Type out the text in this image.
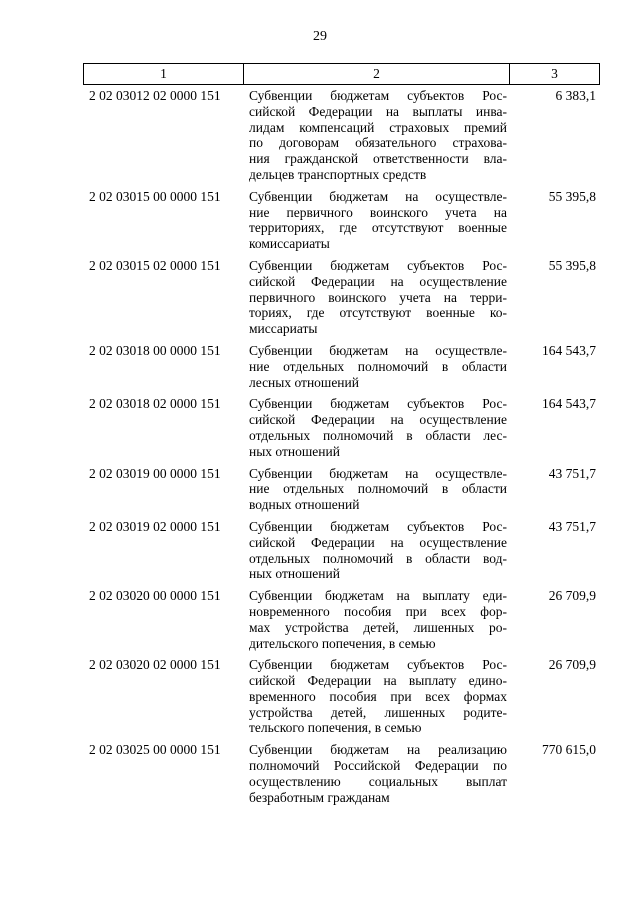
29
1	2	3
2 02 03012 02 0000 151	Субвенции бюджетам субъектов Рос-
сийской Федерации на выплаты инва-
лидам компенсаций страховых премий
по договорам обязательного страхова-
ния гражданской ответственности вла-
дельцев транспортных средств
6 383,1
2 02 03015 00 0000 151	Субвенции бюджетам на осуществле-
ние первичного воинского учета на
территориях, где отсутствуют военные
комиссариаты
55 395,8
2 02 03015 02 0000 151	Субвенции бюджетам субъектов Рос-
сийской Федерации на осуществление
первичного воинского учета на терри-
ториях, где отсутствуют военные ко-
миссариаты
55 395,8
2 02 03018 00 0000 151	Субвенции бюджетам на осуществле-
ние отдельных полномочий в области
лесных отношений
164 543,7
2 02 03018 02 0000 151	Субвенции бюджетам субъектов Рос-
сийской Федерации на осуществление
отдельных полномочий в области лес-
ных отношений
164 543,7
2 02 03019 00 0000 151	Субвенции бюджетам на осуществле-
ние отдельных полномочий в области
водных отношений
43 751,7
2 02 03019 02 0000 151	Субвенции бюджетам субъектов Рос-
сийской Федерации на осуществление
отдельных полномочий в области вод-
ных отношений
43 751,7
2 02 03020 00 0000 151	Субвенции бюджетам на выплату еди-
новременного пособия при всех фор-
мах устройства детей, лишенных ро-
дительского попечения, в семью
26 709,9
2 02 03020 02 0000 151	Субвенции бюджетам субъектов Рос-
сийской Федерации на выплату едино-
временного пособия при всех формах
устройства детей, лишенных родите-
тельского попечения, в семью
26 709,9
2 02 03025 00 0000 151	Субвенции бюджетам на реализацию
полномочий Российской Федерации по
осуществлению социальных выплат
безработным гражданам
770 615,0
